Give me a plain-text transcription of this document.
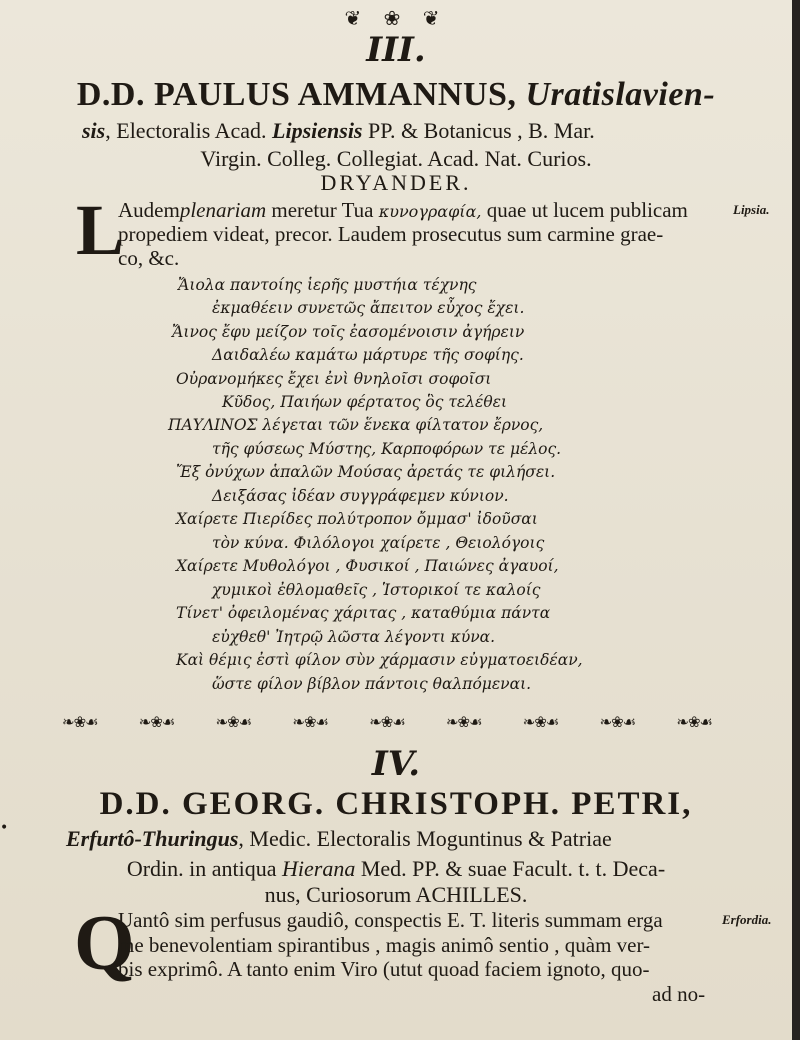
❦ ❀ ❦
III.
D.D. PAULUS AMMANNUS, Uratislavien-
sis, Electoralis Acad. Lipsiensis PP. & Botanicus , B. Mar.
Virgin. Colleg. Collegiat. Acad. Nat. Curios.
DRYANDER.
L
Audemplenariam meretur Tua κυνογραφία, quae ut lucem publicam	Lipsia.
propediem videat, precor. Laudem prosecutus sum carmine grae-
co, &c.
Ἄιολα παντοίης ἱερῆς μυστήια τέχνης
ἐκμαθέειν συνετῶς ἄπειτον εὖχος ἔχει.
Ἄινος ἔφυ μείζον τοῖς ἐασομένοισιν ἀγήρειν
Δαιδαλέω καμάτω μάρτυρε τῆς σοφίης.
Οὐρανομήκες ἔχει ἐνὶ θνηλοῖσι σοφοῖσι
Κῦδος, Παιήων φέρτατος ὃς τελέθει
ΠΑΥΛΙΝΟΣ λέγεται τῶν ἕνεκα φίλτατον ἔρνος,
τῆς φύσεως Μύστης, Καρποφόρων τε μέλος.
Ἔξ ὀνύχων ἁπαλῶν Μούσας ἀρετάς τε φιλήσει.
Δειξάσας ἰδέαν συγγράφεμεν κύνιον.
Χαίρετε Πιερίδες πολύτροπον ὄμμασ' ἰδοῦσαι
τὸν κύνα. Φιλόλογοι χαίρετε , Θειολόγοις
Χαίρετε Μυθολόγοι , Φυσικοί , Παιώνες ἀγαυοί,
χυμικοὶ ἐθλομαθεῖς , Ἱστορικοί τε καλοίς
Τίνετ' ὀφειλομένας χάριτας , καταθύμια πάντα
εὐχθεθ' Ἰητρῷ λῶστα λέγοντι κύνα.
Καὶ θέμις ἐστὶ φίλον σὺν χάρμασιν εὐγματοειδέαν,
ὥστε φίλον βίβλον πάντοις θαλπόμεναι.
❧❀☙	❧❀☙	❧❀☙	❧❀☙	❧❀☙	❧❀☙	❧❀☙	❧❀☙	❧❀☙
IV.
D.D. GEORG. CHRISTOPH. PETRI,
Erfurtô-Thuringus, Medic. Electoralis Moguntinus & Patriae
Ordin. in antiqua Hierana Med. PP. & suae Facult. t. t. Deca-
nus, Curiosorum ACHILLES.
Q
Uantô sim perfusus gaudiô, conspectis E. T. literis summam erga	Erfordia.
me benevolentiam spirantibus , magis animô sentio , quàm ver-
bis exprimô. A tanto enim Viro (utut quoad faciem ignoto, quo-
ad no-
•
